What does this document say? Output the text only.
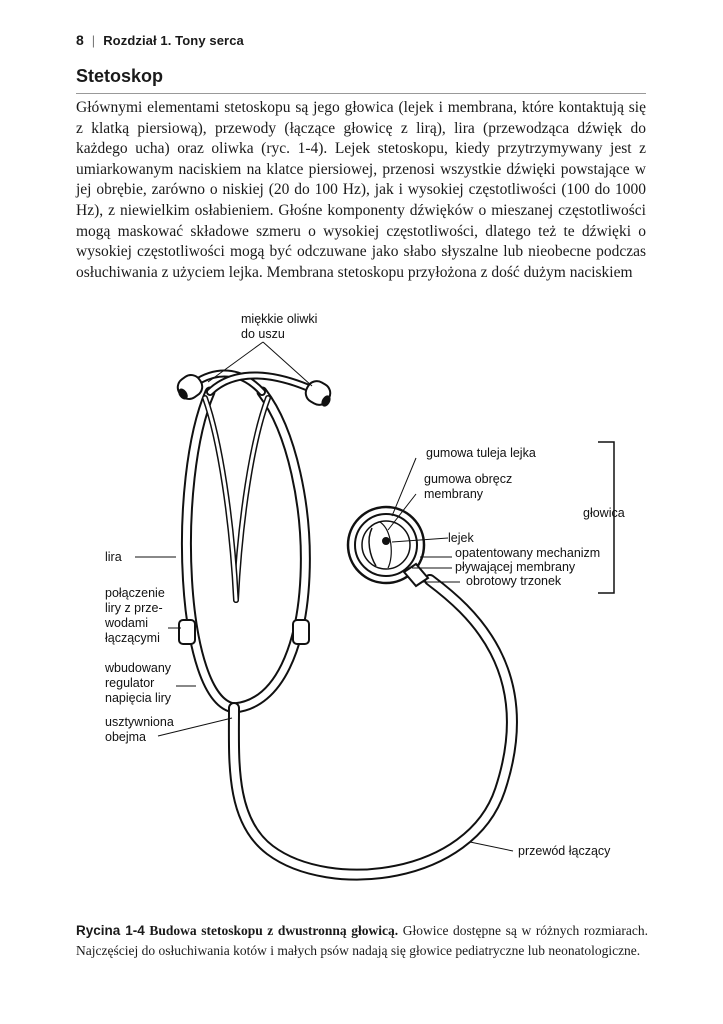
8 | Rozdział 1. Tony serca
Stetoskop

Głównymi elementami stetoskopu są jego głowica (lejek i membrana, które kontaktują się z klatką piersiową), przewody (łączące głowicę z lirą), lira (przewodząca dźwięk do każdego ucha) oraz oliwka (ryc. 1-4). Lejek stetoskopu, kiedy przytrzymywany jest z umiarkowanym naciskiem na klatce piersiowej, przenosi wszystkie dźwięki powstające w jej obrębie, zarówno o niskiej (20 do 100 Hz), jak i wysokiej częstotliwości (100 do 1000 Hz), z niewielkim osłabieniem. Głośne komponenty dźwięków o mieszanej częstotliwości mogą maskować składowe szmeru o wysokiej częstotliwości, dlatego też te dźwięki o wysokiej częstotliwości mogą być odczuwane jako słabo słyszalne lub nieobecne podczas osłuchiwania z użyciem lejka. Membrana stetoskopu przyłożona z dość dużym naciskiem

miękkie oliwki
do uszu
gumowa tuleja lejka
gumowa obręcz
membrany
głowica
lejek
opatentowany mechanizm
pływającej membrany
obrotowy trzonek
lira
połączenie
liry z prze-
wodami
łączącymi
wbudowany
regulator
napięcia liry
usztywniona
obejma
przewód łączący

Rycina 1-4 Budowa stetoskopu z dwustronną głowicą. Głowice dostępne są w różnych rozmiarach. Najczęściej do osłuchiwania kotów i małych psów nadają się głowice pediatryczne lub neonatologiczne.
